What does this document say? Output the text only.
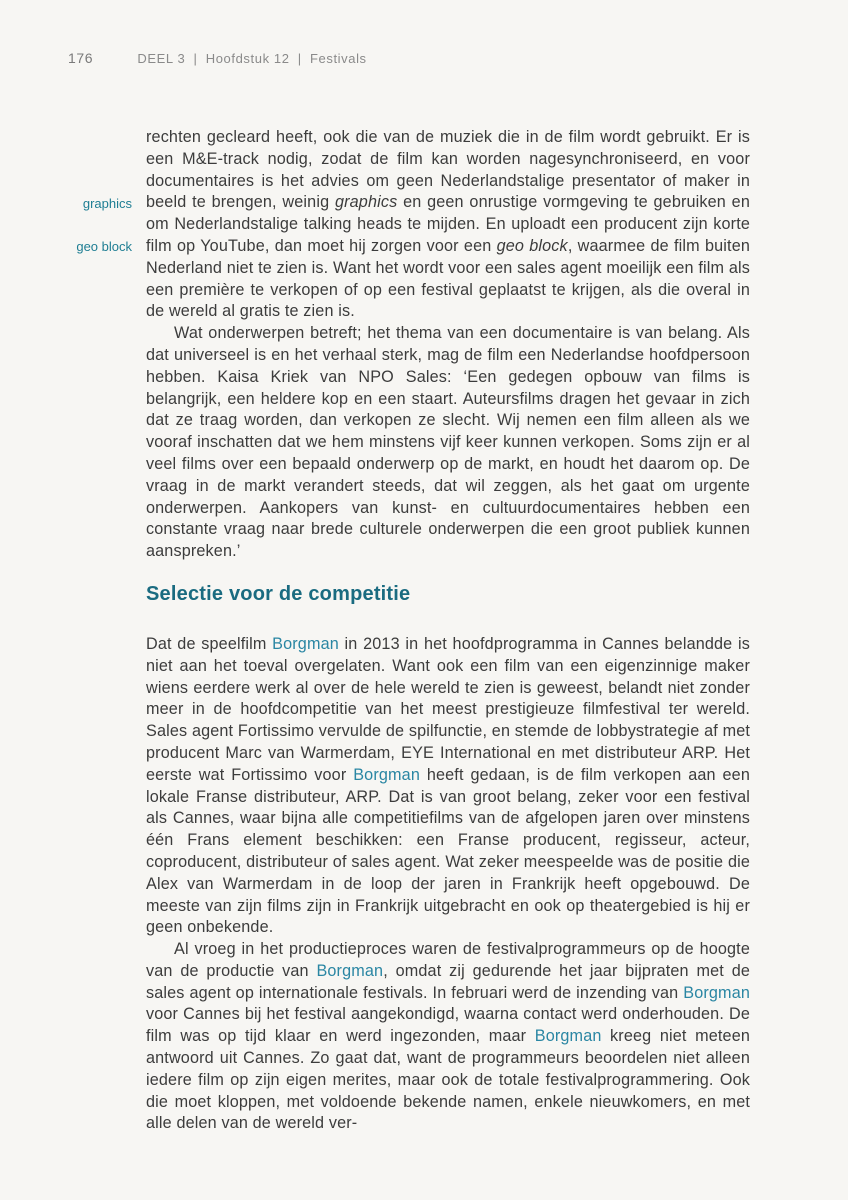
176	DEEL 3 | Hoofdstuk 12 | Festivals
graphics
geo block

rechten gecleard heeft, ook die van de muziek die in de film wordt gebruikt. Er is een M&E-track nodig, zodat de film kan worden nagesynchroniseerd, en voor documentaires is het advies om geen Nederlandstalige presentator of maker in beeld te brengen, weinig graphics en geen onrustige vormgeving te gebruiken en om Nederlandstalige talking heads te mijden. En uploadt een producent zijn korte film op YouTube, dan moet hij zorgen voor een geo block, waarmee de film buiten Nederland niet te zien is. Want het wordt voor een sales agent moeilijk een film als een première te verkopen of op een festival geplaatst te krijgen, als die overal in de wereld al gratis te zien is.

Wat onderwerpen betreft; het thema van een documentaire is van belang. Als dat universeel is en het verhaal sterk, mag de film een Nederlandse hoofdpersoon hebben. Kaisa Kriek van NPO Sales: ‘Een gedegen opbouw van films is belangrijk, een heldere kop en een staart. Auteursfilms dragen het gevaar in zich dat ze traag worden, dan verkopen ze slecht. Wij nemen een film alleen als we vooraf inschatten dat we hem minstens vijf keer kunnen verkopen. Soms zijn er al veel films over een bepaald onderwerp op de markt, en houdt het daarom op. De vraag in de markt verandert steeds, dat wil zeggen, als het gaat om urgente onderwerpen. Aankopers van kunst- en cultuurdocumentaires hebben een constante vraag naar brede culturele onderwerpen die een groot publiek kunnen aanspreken.’

Selectie voor de competitie

Dat de speelfilm Borgman in 2013 in het hoofdprogramma in Cannes belandde is niet aan het toeval overgelaten. Want ook een film van een eigenzinnige maker wiens eerdere werk al over de hele wereld te zien is geweest, belandt niet zonder meer in de hoofdcompetitie van het meest prestigieuze filmfestival ter wereld. Sales agent Fortissimo vervulde de spilfunctie, en stemde de lobbystrategie af met producent Marc van Warmerdam, EYE International en met distributeur ARP. Het eerste wat Fortissimo voor Borgman heeft gedaan, is de film verkopen aan een lokale Franse distributeur, ARP. Dat is van groot belang, zeker voor een festival als Cannes, waar bijna alle competitiefilms van de afgelopen jaren over minstens één Frans element beschikken: een Franse producent, regisseur, acteur, coproducent, distributeur of sales agent. Wat zeker meespeelde was de positie die Alex van Warmerdam in de loop der jaren in Frankrijk heeft opgebouwd. De meeste van zijn films zijn in Frankrijk uitgebracht en ook op theatergebied is hij er geen onbekende.

Al vroeg in het productieproces waren de festivalprogrammeurs op de hoogte van de productie van Borgman, omdat zij gedurende het jaar bijpraten met de sales agent op internationale festivals. In februari werd de inzending van Borgman voor Cannes bij het festival aangekondigd, waarna contact werd onderhouden. De film was op tijd klaar en werd ingezonden, maar Borgman kreeg niet meteen antwoord uit Cannes. Zo gaat dat, want de programmeurs beoordelen niet alleen iedere film op zijn eigen merites, maar ook de totale festivalprogrammering. Ook die moet kloppen, met voldoende bekende namen, enkele nieuwkomers, en met alle delen van de wereld ver-
